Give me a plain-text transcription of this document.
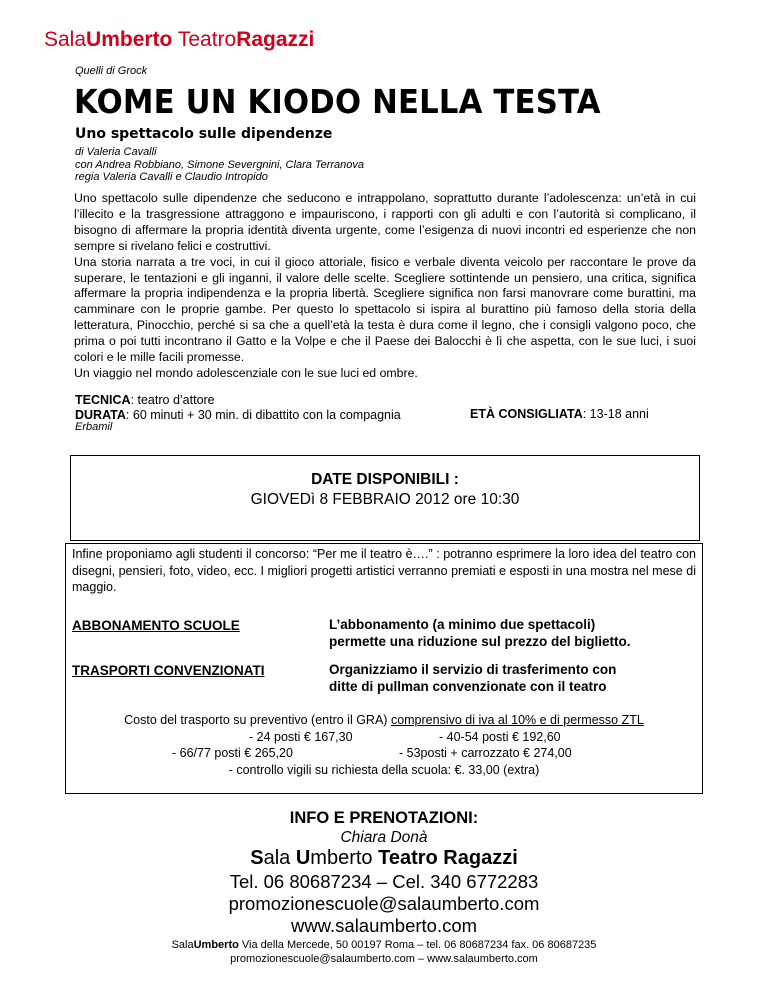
SalaUmberto TeatroRagazzi
Quelli di Grock
KOME UN KIODO NELLA TESTA
Uno spettacolo sulle dipendenze
di Valeria Cavalli
con Andrea Robbiano, Simone Severgnini, Clara Terranova
regia Valeria Cavalli e Claudio Intropido

Uno spettacolo sulle dipendenze che seducono e intrappolano, soprattutto durante l’adolescenza: un’età in cui l’illecito e la trasgressione attraggono e impauriscono, i rapporti con gli adulti e con l’autorità si complicano, il bisogno di affermare la propria identità diventa urgente, come l’esigenza di nuovi incontri ed esperienze che non sempre si rivelano felici e costruttivi.

Una storia narrata a tre voci, in cui il gioco attoriale, fisico e verbale diventa veicolo per raccontare le prove da superare, le tentazioni e gli inganni, il valore delle scelte. Scegliere sottintende un pensiero, una critica, significa affermare la propria indipendenza e la propria libertà. Scegliere significa non farsi manovrare come burattini, ma camminare con le proprie gambe. Per questo lo spettacolo si ispira al burattino più famoso della storia della letteratura, Pinocchio, perché si sa che a quell’età la testa è dura come il legno, che i consigli valgono poco, che prima o poi tutti incontrano il Gatto e la Volpe e che il Paese dei Balocchi è lì che aspetta, con le sue luci, i suoi colori e le mille facili promesse.

Un viaggio nel mondo adolescenziale con le sue luci ed ombre.

TECNICA: teatro d’attore
DURATA: 60 minuti + 30 min. di dibattito con la compagnia
Erbamil
ETÀ CONSIGLIATA: 13-18 anni
DATE DISPONIBILI :
GIOVEDì 8 FEBBRAIO 2012 ore 10:30
Infine proponiamo agli studenti il concorso: “Per me il teatro è….” : potranno esprimere la loro idea del teatro con disegni, pensieri, foto, video, ecc. I migliori progetti artistici verranno premiati e esposti in una mostra nel mese di maggio.
ABBONAMENTO SCUOLE	L’abbonamento (a minimo due spettacoli)
permette una riduzione sul prezzo del biglietto.
TRASPORTI CONVENZIONATI	Organizziamo il servizio di trasferimento con
ditte di pullman convenzionate con il teatro
Costo del trasporto su preventivo (entro il GRA) comprensivo di iva al 10% e di permesso ZTL
- 24 posti € 167,30	- 40-54 posti € 192,60
- 66/77 posti € 265,20	- 53posti + carrozzato € 274,00
- controllo vigili su richiesta della scuola: €. 33,00 (extra)
INFO E PRENOTAZIONI:
Chiara Donà
Sala Umberto Teatro Ragazzi
Tel. 06 80687234 – Cel. 340 6772283
promozionescuole@salaumberto.com
www.salaumberto.com
SalaUmberto Via della Mercede, 50 00197 Roma – tel. 06 80687234 fax. 06 80687235
promozionescuole@salaumberto.com – www.salaumberto.com
